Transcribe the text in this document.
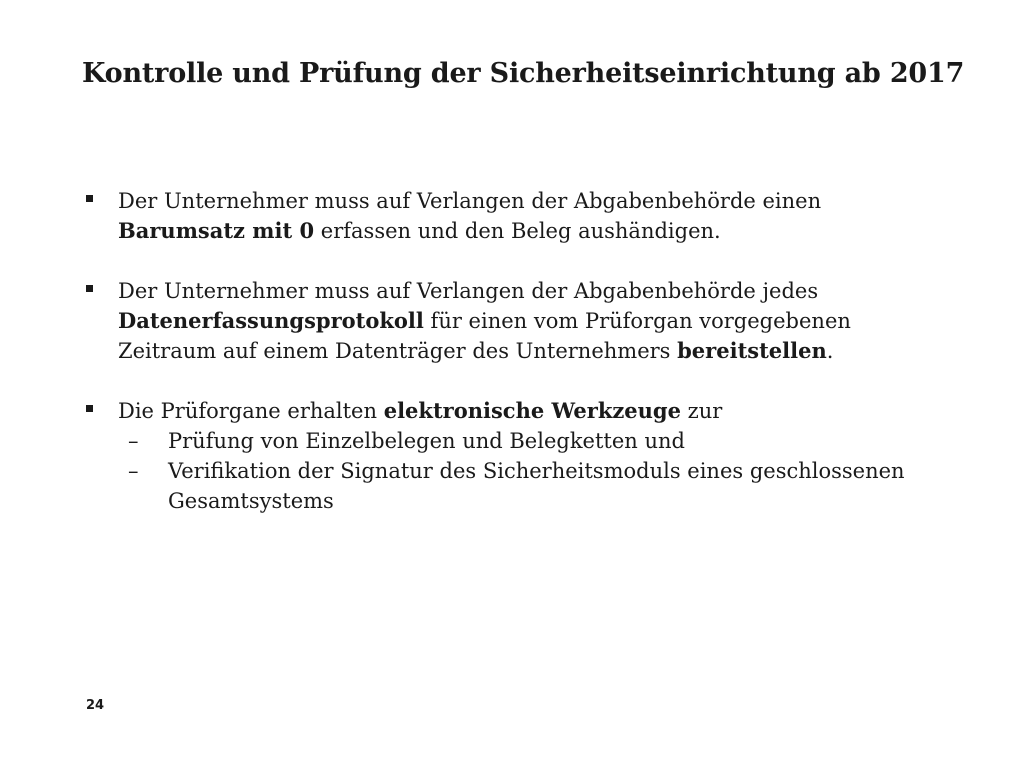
Kontrolle und Prüfung der Sicherheitseinrichtung ab 2017

Der Unternehmer muss auf Verlangen der Abgabenbehörde einen
Barumsatz mit 0 erfassen und den Beleg aushändigen.

Der Unternehmer muss auf Verlangen der Abgabenbehörde jedes
Datenerfassungsprotokoll für einen vom Prüforgan vorgegebenen
Zeitraum auf einem Datenträger des Unternehmers bereitstellen.

Die Prüforgane erhalten elektronische Werkzeuge zur

– Prüfung von Einzelbelegen und Belegketten und
– Verifikation der Signatur des Sicherheitsmoduls eines geschlossenen Gesamtsystems
24
